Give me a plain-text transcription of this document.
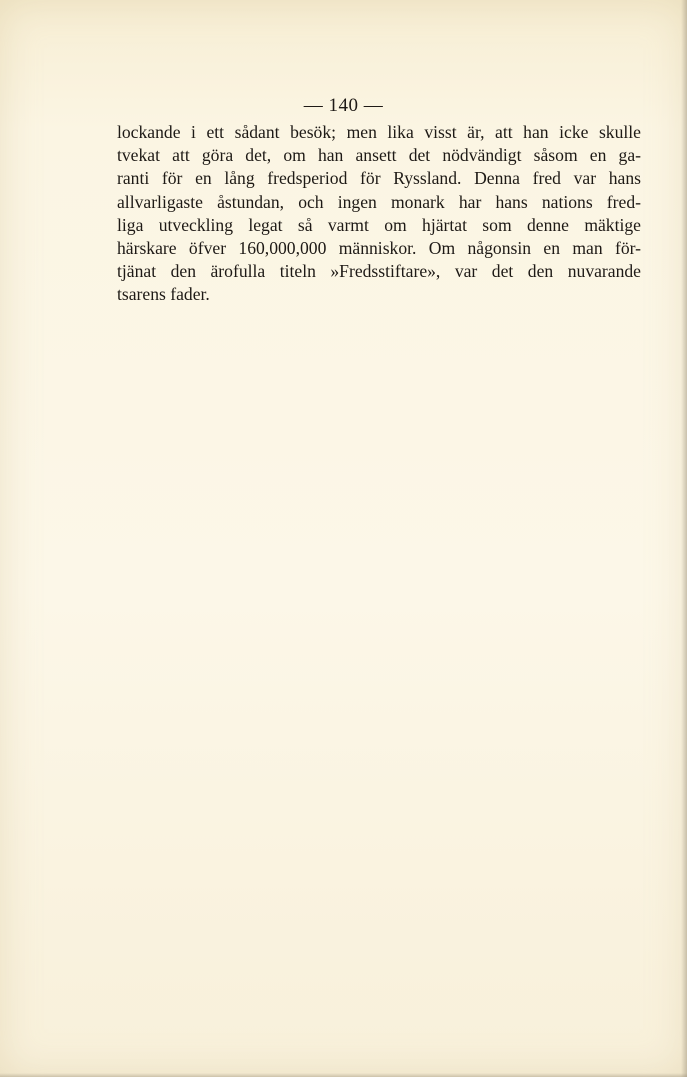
— 140 —
lockande i ett sådant besök; men lika visst är, att han icke skulle
tvekat att göra det, om han ansett det nödvändigt såsom en ga-
ranti för en lång fredsperiod för Ryssland. Denna fred var hans
allvarligaste åstundan, och ingen monark har hans nations fred-
liga utveckling legat så varmt om hjärtat som denne mäktige
härskare öfver 160,000,000 människor. Om någonsin en man för-
tjänat den ärofulla titeln »Fredsstiftare», var det den nuvarande
tsarens fader.
